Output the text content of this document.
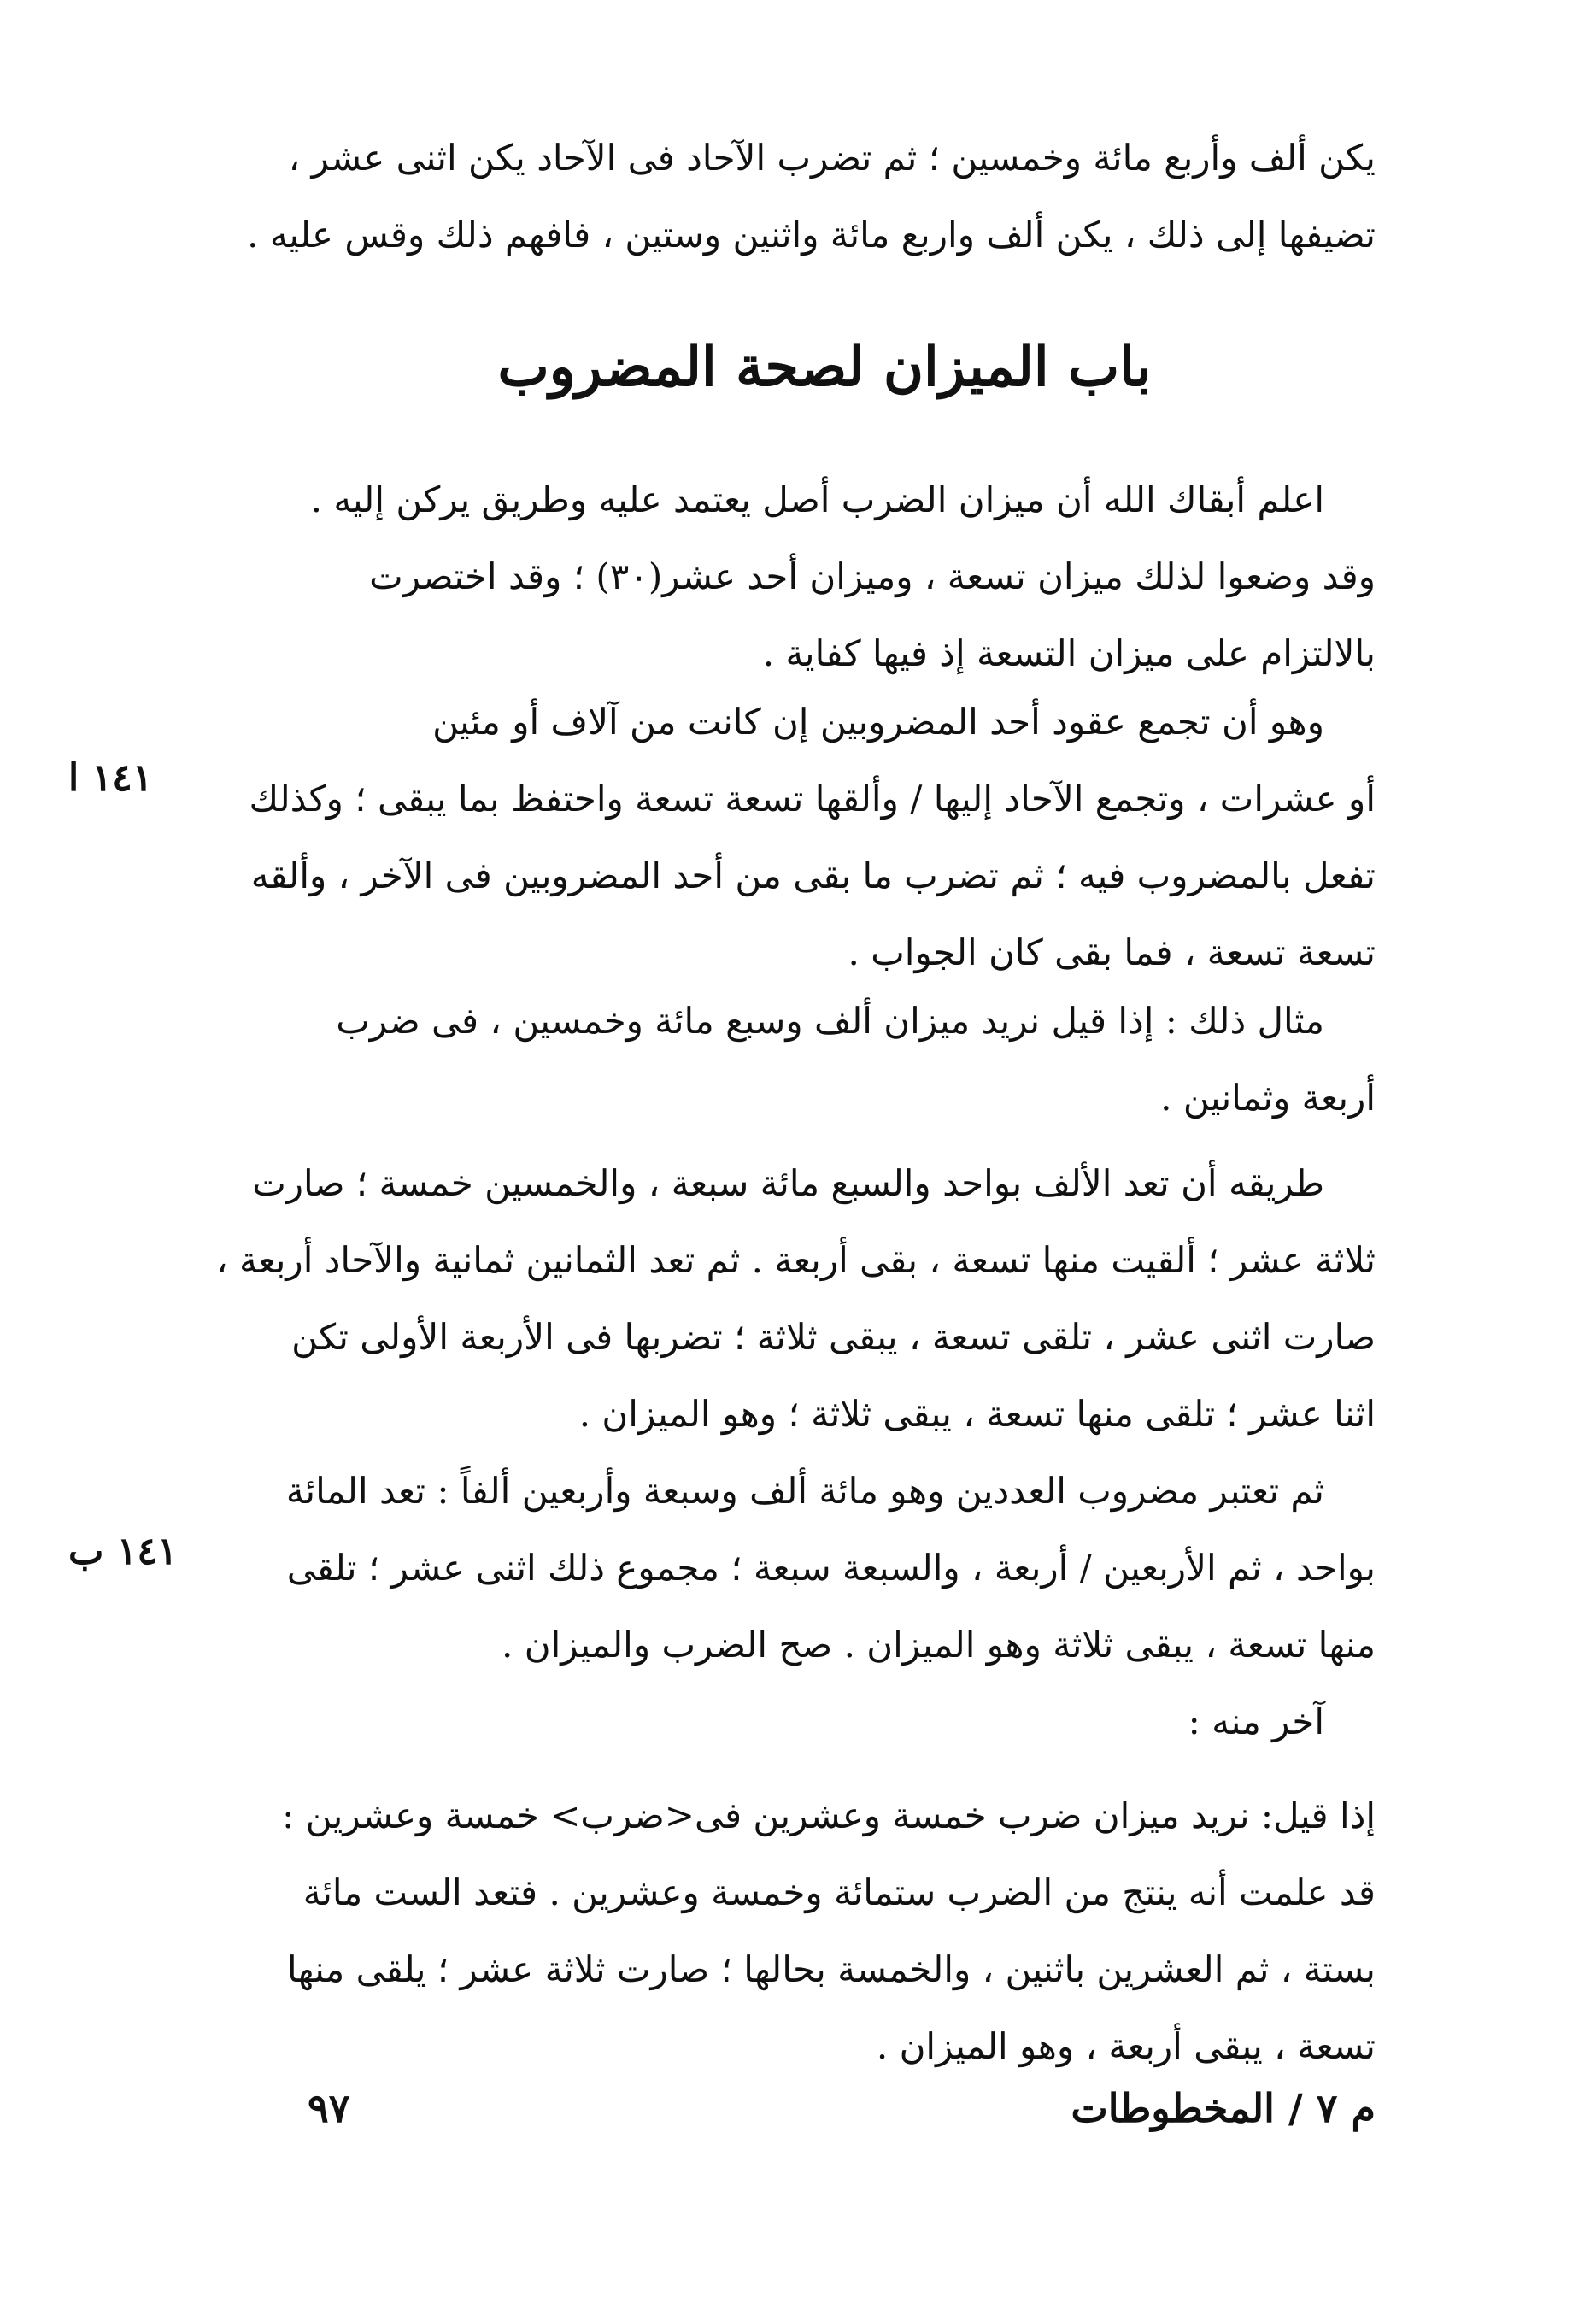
يكن ألف وأربع مائة وخمسين ؛ ثم تضرب الآحاد فى الآحاد يكن اثنى عشر ،
تضيفها إلى ذلك ، يكن ألف واربع مائة واثنين وستين ، فافهم ذلك وقس عليه .
باب الميزان لصحة المضروب
اعلم أبقاك الله أن ميزان الضرب أصل يعتمد عليه وطريق يركن إليه .
وقد وضعوا لذلك ميزان تسعة ، وميزان أحد عشر(٣٠) ؛ وقد اختصرت
بالالتزام على ميزان التسعة إذ فيها كفاية .
وهو أن تجمع عقود أحد المضروبين إن كانت من آلاف أو مئين
أو عشرات ، وتجمع الآحاد إليها / وألقها تسعة تسعة واحتفظ بما يبقى ؛ وكذلك
تفعل بالمضروب فيه ؛ ثم تضرب ما بقى من أحد المضروبين فى الآخر ، وألقه
تسعة تسعة ، فما بقى كان الجواب .
مثال ذلك : إذا قيل نريد ميزان ألف وسبع مائة وخمسين ، فى ضرب
أربعة وثمانين .
طريقه أن تعد الألف بواحد والسبع مائة سبعة ، والخمسين خمسة ؛ صارت
ثلاثة عشر ؛ ألقيت منها تسعة ، بقى أربعة . ثم تعد الثمانين ثمانية والآحاد أربعة ،
صارت اثنى عشر ، تلقى تسعة ، يبقى ثلاثة ؛ تضربها فى الأربعة الأولى تكن
اثنا عشر ؛ تلقى منها تسعة ، يبقى ثلاثة ؛ وهو الميزان .
ثم تعتبر مضروب العددين وهو مائة ألف وسبعة وأربعين ألفاً : تعد المائة
بواحد ، ثم الأربعين / أربعة ، والسبعة سبعة ؛ مجموع ذلك اثنى عشر ؛ تلقى
منها تسعة ، يبقى ثلاثة وهو الميزان . صح الضرب والميزان .
آخر منه :
إذا قيل: نريد ميزان ضرب خمسة وعشرين فى<ضرب> خمسة وعشرين :
قد علمت أنه ينتج من الضرب ستمائة وخمسة وعشرين . فتعد الست مائة
بستة ، ثم العشرين باثنين ، والخمسة بحالها ؛ صارت ثلاثة عشر ؛ يلقى منها
تسعة ، يبقى أربعة ، وهو الميزان .
١٤١ ا
١٤١ ب
م ٧ / المخطوطات
٩٧
